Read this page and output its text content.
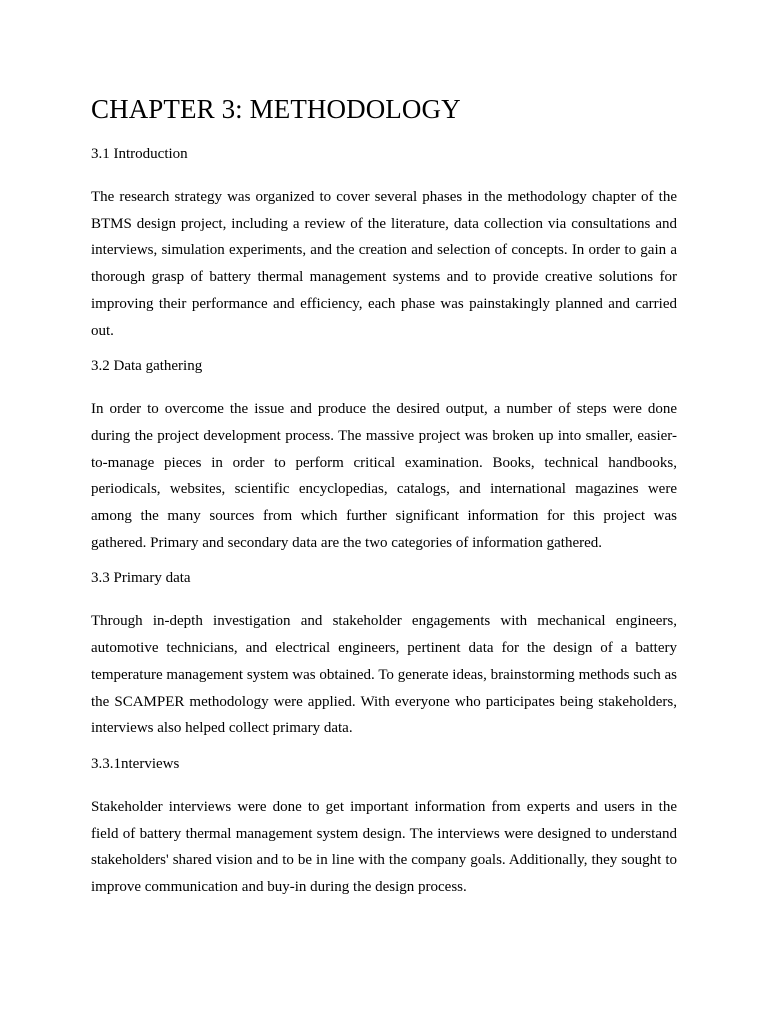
CHAPTER 3: METHODOLOGY
3.1 Introduction

The research strategy was organized to cover several phases in the methodology chapter of the BTMS design project, including a review of the literature, data collection via consultations and interviews, simulation experiments, and the creation and selection of concepts. In order to gain a thorough grasp of battery thermal management systems and to provide creative solutions for improving their performance and efficiency, each phase was painstakingly planned and carried out.

3.2 Data gathering

In order to overcome the issue and produce the desired output, a number of steps were done during the project development process. The massive project was broken up into smaller, easier-to-manage pieces in order to perform critical examination. Books, technical handbooks, periodicals, websites, scientific encyclopedias, catalogs, and international magazines were among the many sources from which further significant information for this project was gathered. Primary and secondary data are the two categories of information gathered.

3.3 Primary data

Through in-depth investigation and stakeholder engagements with mechanical engineers, automotive technicians, and electrical engineers, pertinent data for the design of a battery temperature management system was obtained. To generate ideas, brainstorming methods such as the SCAMPER methodology were applied. With everyone who participates being stakeholders, interviews also helped collect primary data.

3.3.1nterviews

Stakeholder interviews were done to get important information from experts and users in the field of battery thermal management system design. The interviews were designed to understand stakeholders' shared vision and to be in line with the company goals. Additionally, they sought to improve communication and buy-in during the design process.
